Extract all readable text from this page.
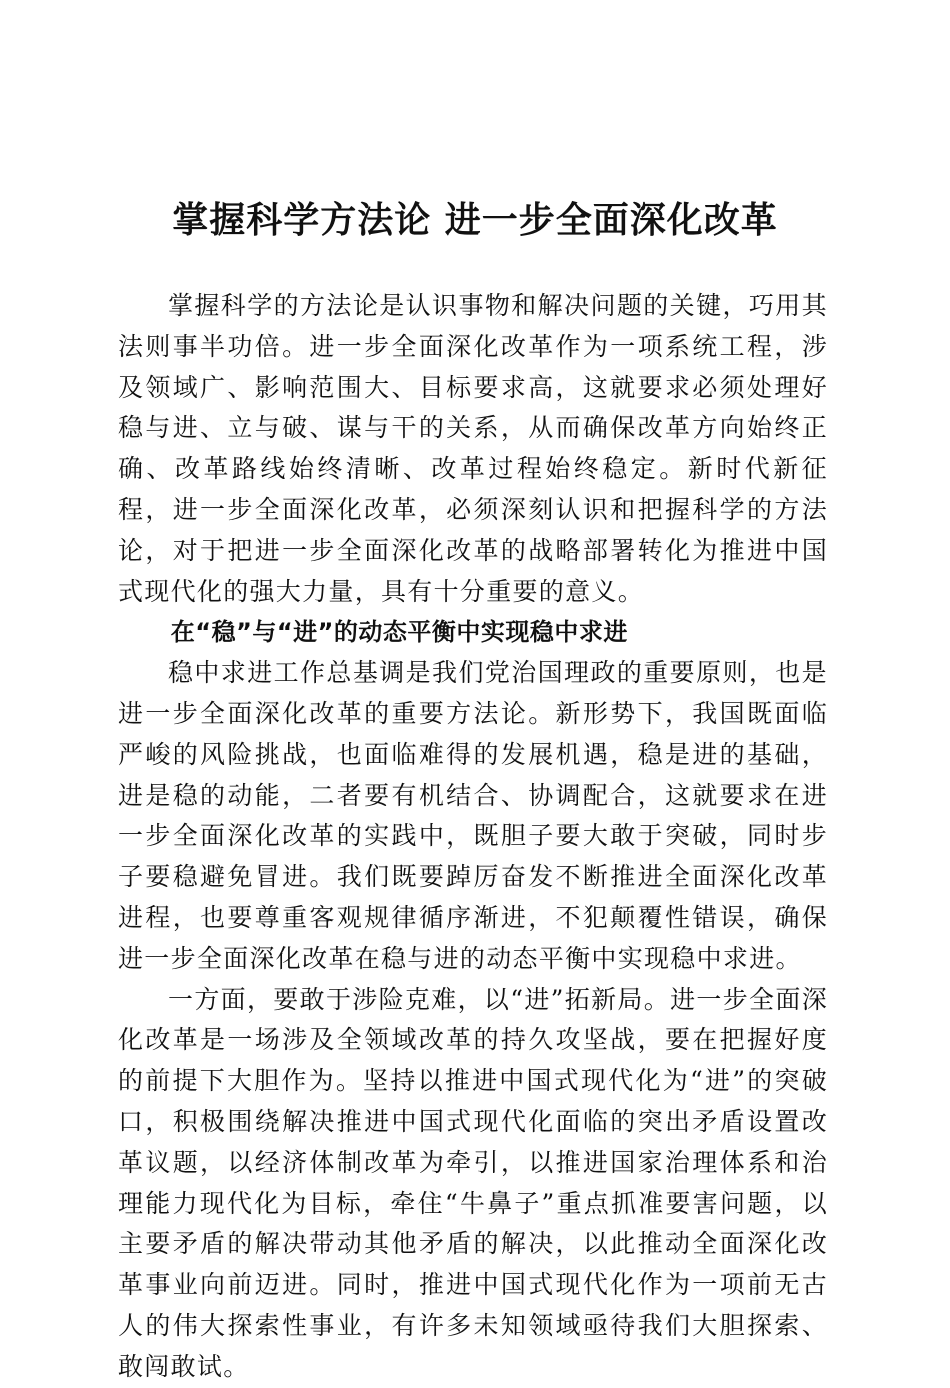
掌握科学方法论 进一步全面深化改革

掌握科学的方法论是认识事物和解决问题的关键，巧用其法则事半功倍。进一步全面深化改革作为一项系统工程，涉及领域广、影响范围大、目标要求高，这就要求必须处理好稳与进、立与破、谋与干的关系，从而确保改革方向始终正确、改革路线始终清晰、改革过程始终稳定。新时代新征程，进一步全面深化改革，必须深刻认识和把握科学的方法论，对于把进一步全面深化改革的战略部署转化为推进中国式现代化的强大力量，具有十分重要的意义。

在“稳”与“进”的动态平衡中实现稳中求进

稳中求进工作总基调是我们党治国理政的重要原则，也是进一步全面深化改革的重要方法论。新形势下，我国既面临严峻的风险挑战，也面临难得的发展机遇，稳是进的基础，进是稳的动能，二者要有机结合、协调配合，这就要求在进一步全面深化改革的实践中，既胆子要大敢于突破，同时步子要稳避免冒进。我们既要踔厉奋发不断推进全面深化改革进程，也要尊重客观规律循序渐进，不犯颠覆性错误，确保进一步全面深化改革在稳与进的动态平衡中实现稳中求进。

一方面，要敢于涉险克难，以“进”拓新局。进一步全面深化改革是一场涉及全领域改革的持久攻坚战，要在把握好度的前提下大胆作为。坚持以推进中国式现代化为“进”的突破口，积极围绕解决推进中国式现代化面临的突出矛盾设置改革议题，以经济体制改革为牵引，以推进国家治理体系和治理能力现代化为目标，牵住“牛鼻子”重点抓准要害问题，以主要矛盾的解决带动其他矛盾的解决，以此推动全面深化改革事业向前迈进。同时，推进中国式现代化作为一项前无古人的伟大探索性事业，有许多未知领域亟待我们大胆探索、敢闯敢试。
